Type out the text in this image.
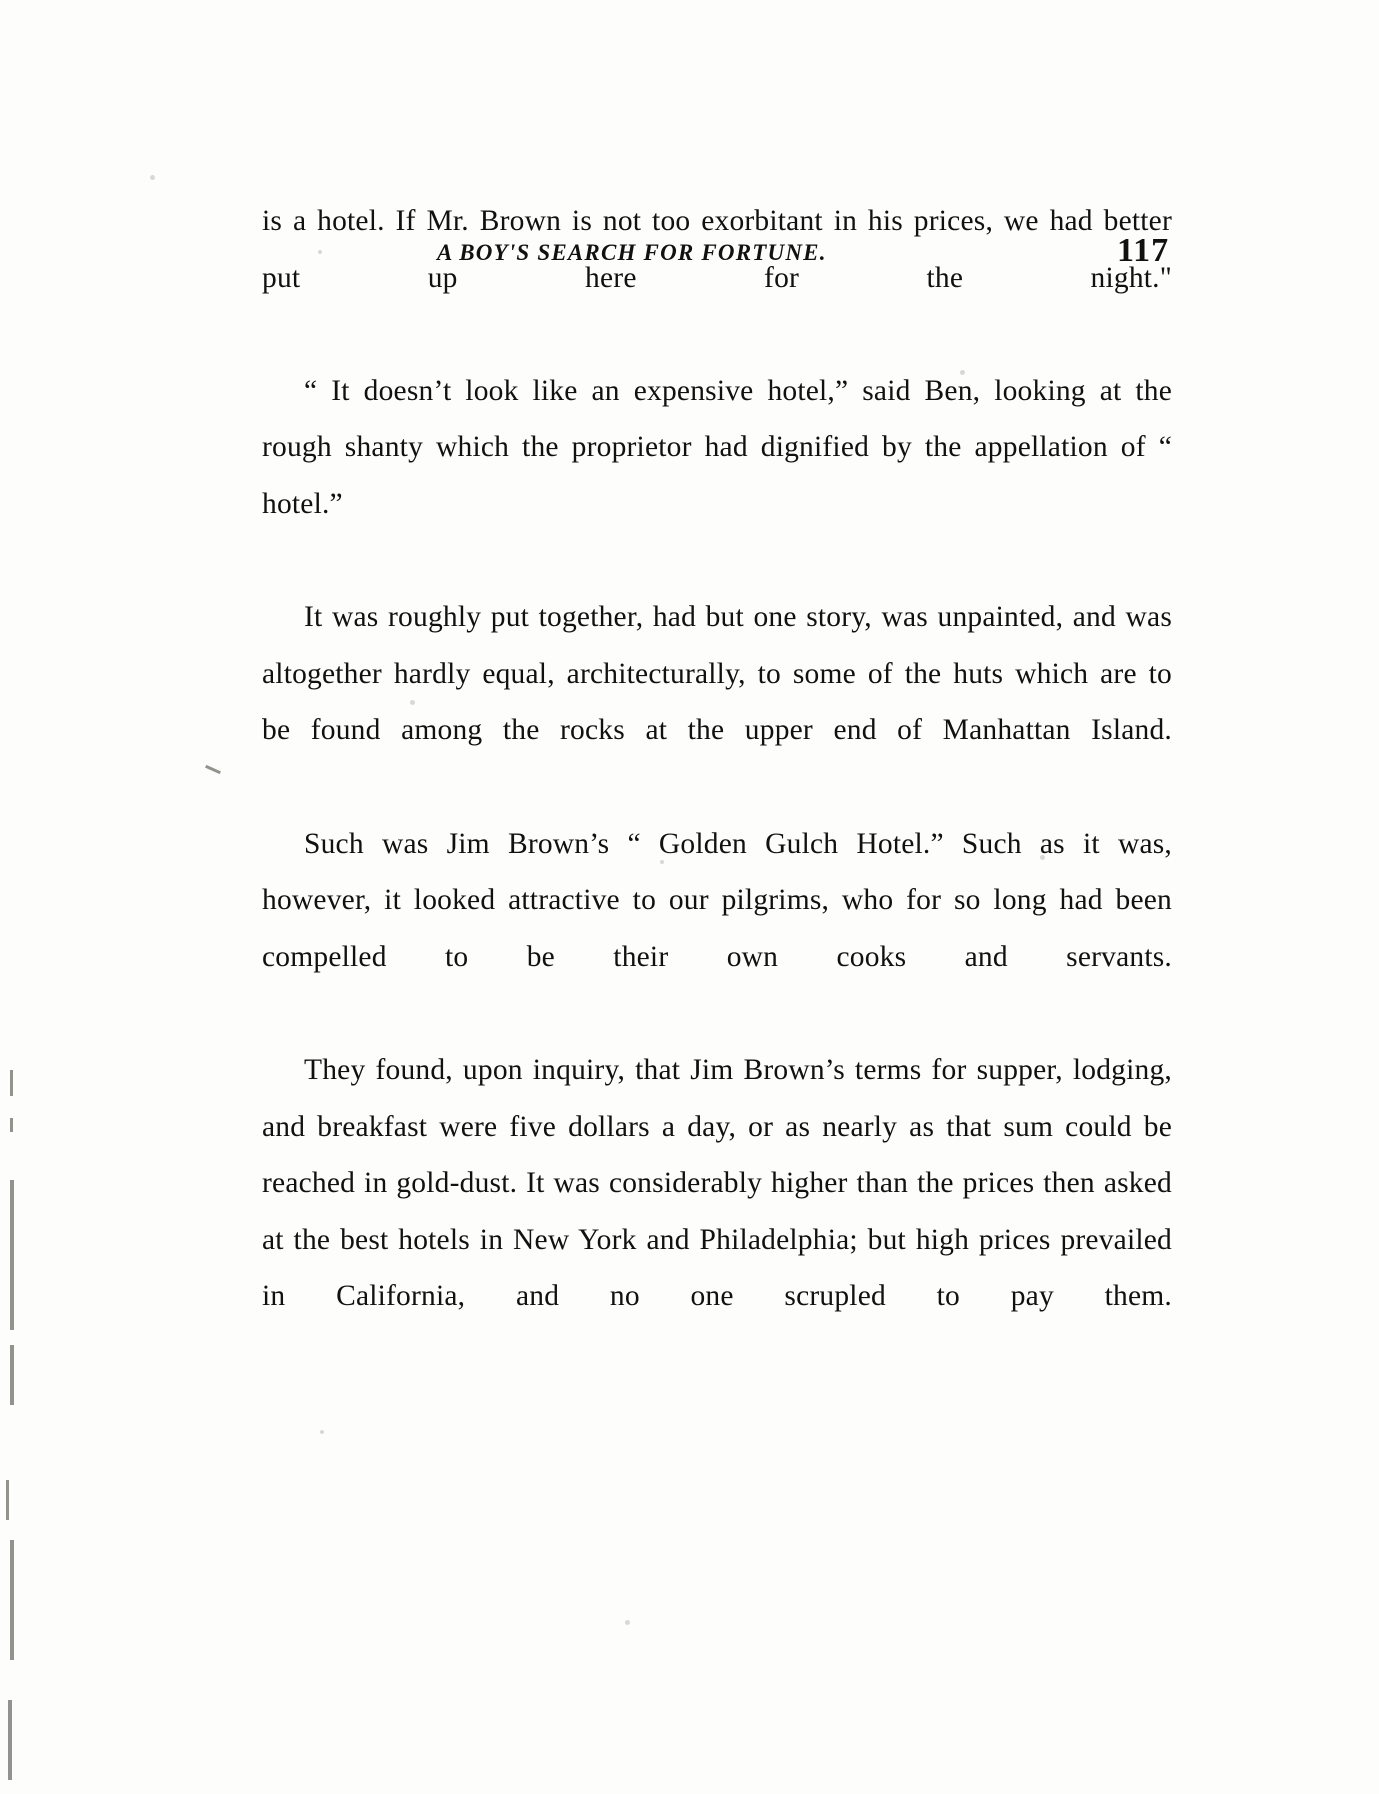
A BOY'S SEARCH FOR FORTUNE.	117

is a hotel. If Mr. Brown is not too exorbitant in his prices, we had better put up here for the night."

“ It doesn’t look like an expensive hotel,” said Ben, looking at the rough shanty which the proprietor had dignified by the appellation of “ hotel.”

It was roughly put together, had but one story, was unpainted, and was altogether hardly equal, architecturally, to some of the huts which are to be found among the rocks at the upper end of Manhattan Island.

Such was Jim Brown’s “ Golden Gulch Hotel.” Such as it was, however, it looked attractive to our pilgrims, who for so long had been compelled to be their own cooks and servants.

They found, upon inquiry, that Jim Brown’s terms for supper, lodging, and breakfast were five dollars a day, or as nearly as that sum could be reached in gold-dust. It was considerably higher than the prices then asked at the best hotels in New York and Philadelphia; but high prices prevailed in California, and no one scrupled to pay them.
